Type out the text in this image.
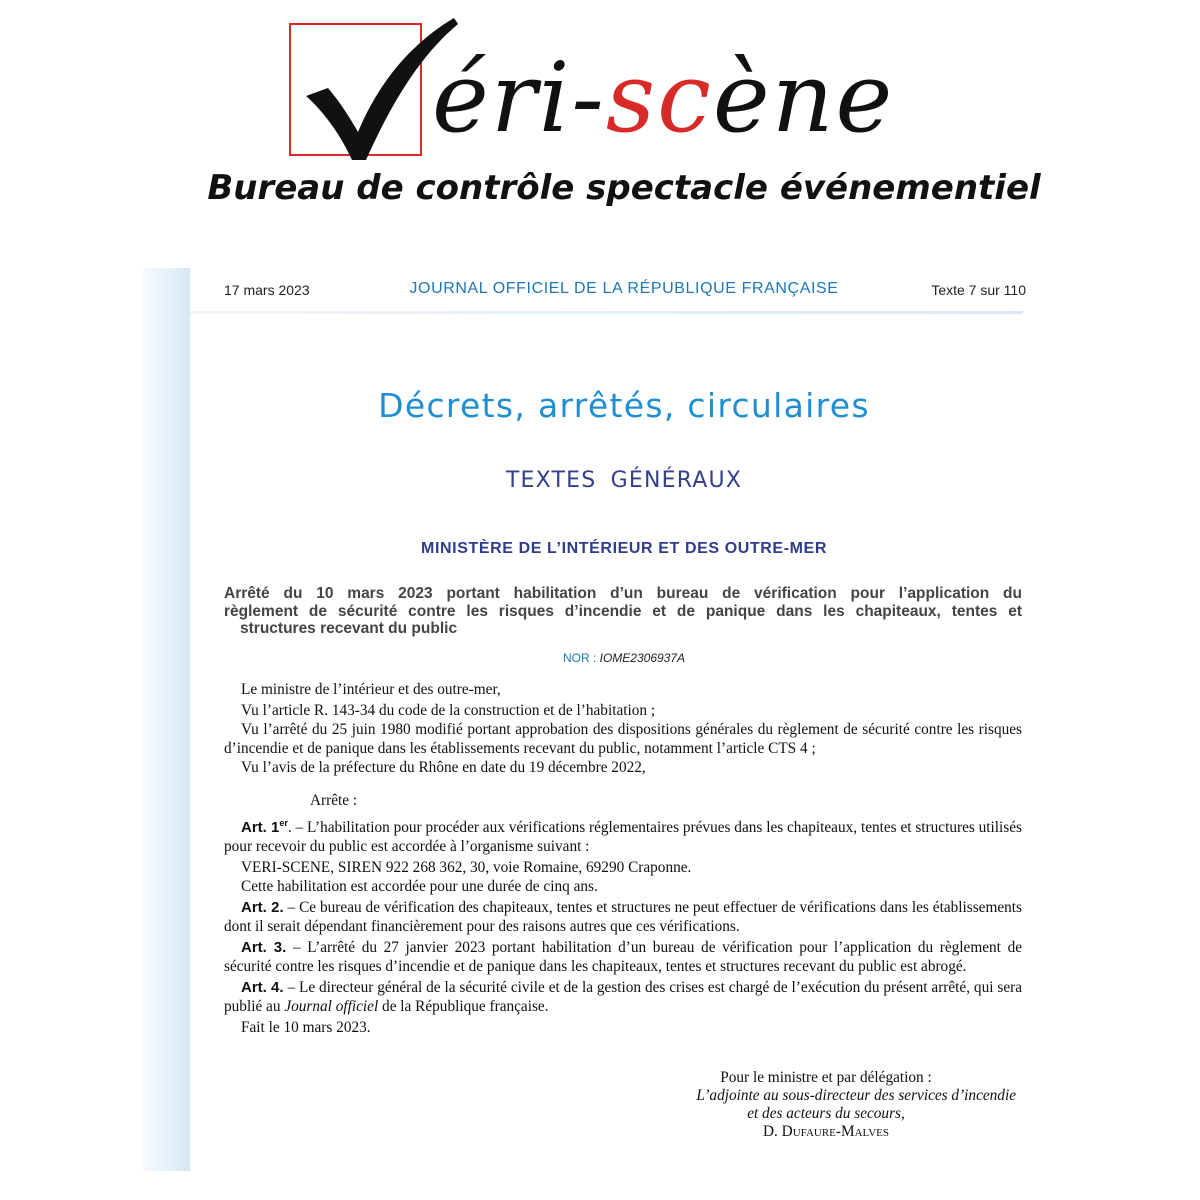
éri-scène
Bureau de contrôle spectacle événementiel
17 mars 2023	JOURNAL OFFICIEL DE LA RÉPUBLIQUE FRANÇAISE	Texte 7 sur 110
Décrets, arrêtés, circulaires
TEXTES GÉNÉRAUX
MINISTÈRE DE L’INTÉRIEUR ET DES OUTRE-MER
Arrêté du 10 mars 2023 portant habilitation d’un bureau de vérification pour l’application du
règlement de sécurité contre les risques d’incendie et de panique dans les chapiteaux, tentes et
structures recevant du public
NOR : IOME2306937A

Le ministre de l’intérieur et des outre-mer,

Vu l’article R. 143-34 du code de la construction et de l’habitation ;

Vu l’arrêté du 25 juin 1980 modifié portant approbation des dispositions générales du règlement de sécurité contre les risques d’incendie et de panique dans les établissements recevant du public, notamment l’article CTS 4 ;

Vu l’avis de la préfecture du Rhône en date du 19 décembre 2022,

Arrête :

Art. 1er. – L’habilitation pour procéder aux vérifications réglementaires prévues dans les chapiteaux, tentes et structures utilisés pour recevoir du public est accordée à l’organisme suivant :

VERI-SCENE, SIREN 922 268 362, 30, voie Romaine, 69290 Craponne.

Cette habilitation est accordée pour une durée de cinq ans.

Art. 2. – Ce bureau de vérification des chapiteaux, tentes et structures ne peut effectuer de vérifications dans les établissements dont il serait dépendant financièrement pour des raisons autres que ces vérifications.

Art. 3. – L’arrêté du 27 janvier 2023 portant habilitation d’un bureau de vérification pour l’application du règlement de sécurité contre les risques d’incendie et de panique dans les chapiteaux, tentes et structures recevant du public est abrogé.

Art. 4. – Le directeur général de la sécurité civile et de la gestion des crises est chargé de l’exécution du présent arrêté, qui sera publié au Journal officiel de la République française.

Fait le 10 mars 2023.

Pour le ministre et par délégation :
L’adjointe au sous-directeur des services d’incendie
et des acteurs du secours,
D. Dufaure-Malves
